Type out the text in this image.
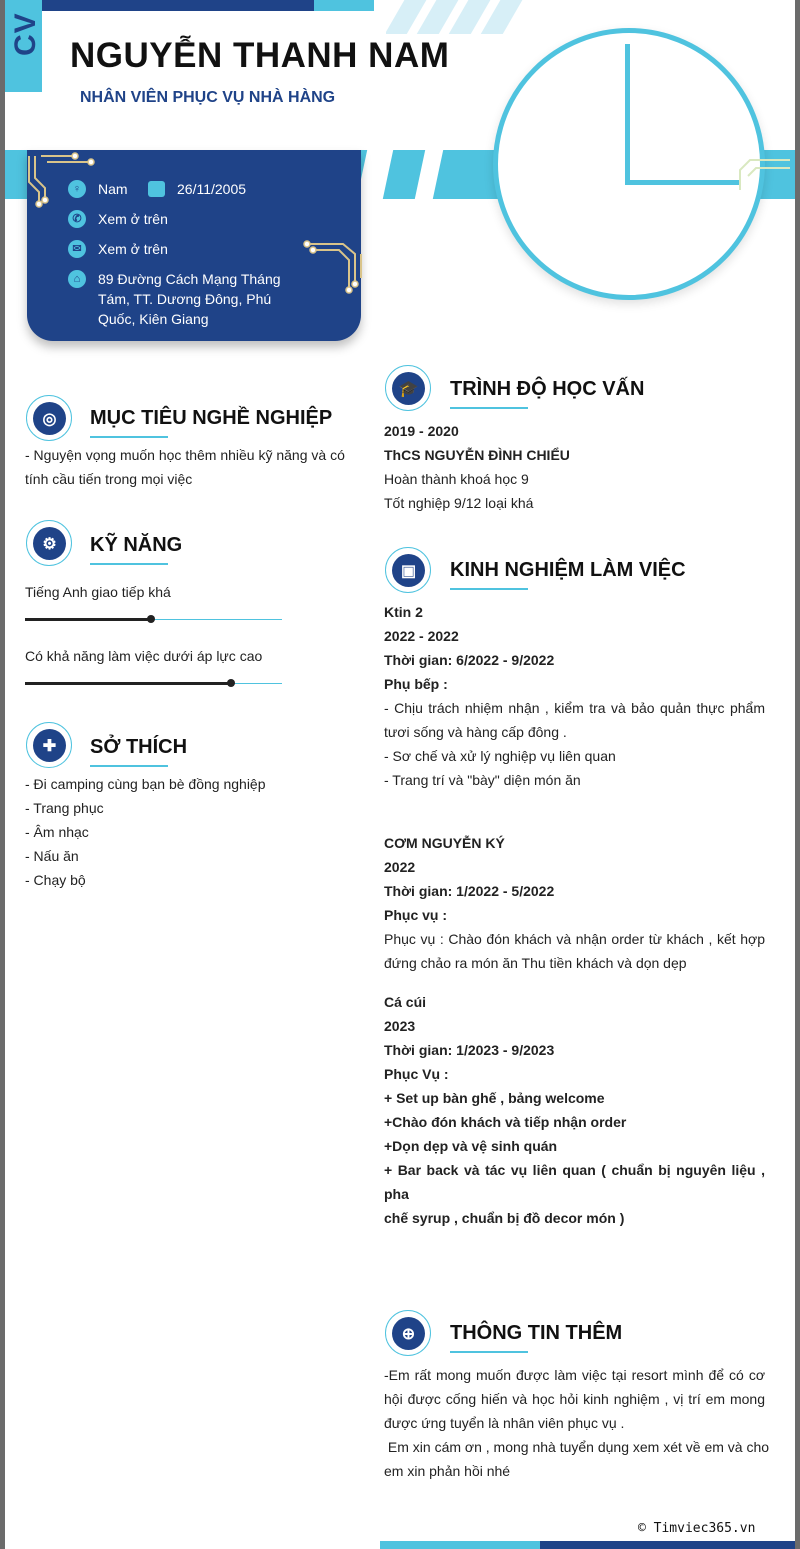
CV NGUYỄN THANH NAM
NHÂN VIÊN PHỤC VỤ NHÀ HÀNG
♀	Nam	26/11/2005
✆	Xem ở trên
✉	Xem ở trên
⌂	89 Đường Cách Mạng Tháng
Tám, TT. Dương Đông, Phú
Quốc, Kiên Giang
◎	MỤC TIÊU NGHỀ NGHIỆP
- Nguyện vọng muốn học thêm nhiều kỹ năng và có
tính cầu tiến trong mọi việc
⚙	KỸ NĂNG
Tiếng Anh giao tiếp khá
Có khả năng làm việc dưới áp lực cao
✚	SỞ THÍCH
- Đi camping cùng bạn bè đồng nghiệp
- Trang phục
- Âm nhạc
- Nấu ăn
- Chạy bộ
🎓	TRÌNH ĐỘ HỌC VẤN
2019 - 2020
ThCS NGUYỄN ĐÌNH CHIỂU
Hoàn thành khoá học 9
Tốt nghiệp 9/12 loại khá
▣	KINH NGHIỆM LÀM VIỆC
Ktin 2
2022 - 2022
Thời gian: 6/2022 - 9/2022
Phụ bếp :
- Chịu trách nhiệm nhận , kiểm tra và bảo quản thực phẩm
tươi sống và hàng cấp đông .
- Sơ chế và xử lý nghiệp vụ liên quan
- Trang trí và "bày" diện món ăn
CƠM NGUYỄN KÝ
2022
Thời gian: 1/2022 - 5/2022
Phục vụ :
Phục vụ : Chào đón khách và nhận order từ khách , kết hợp
đứng chảo ra món ăn Thu tiền khách và dọn dẹp
Cá cúi
2023
Thời gian: 1/2023 - 9/2023
Phục Vụ :
+ Set up bàn ghế , bảng welcome
+Chào đón khách và tiếp nhận order
+Dọn dẹp và vệ sinh quán
+ Bar back và tác vụ liên quan ( chuẩn bị nguyên liệu , pha
chế syrup , chuẩn bị đồ decor món )
⊕	THÔNG TIN THÊM
-Em rất mong muốn được làm việc tại resort mình để có cơ
hội được cống hiến và học hỏi kinh nghiệm , vị trí em mong
được ứng tuyển là nhân viên phục vụ .
Em xin cám ơn , mong nhà tuyển dụng xem xét về em và cho
em xin phản hồi nhé
© Timviec365.vn
